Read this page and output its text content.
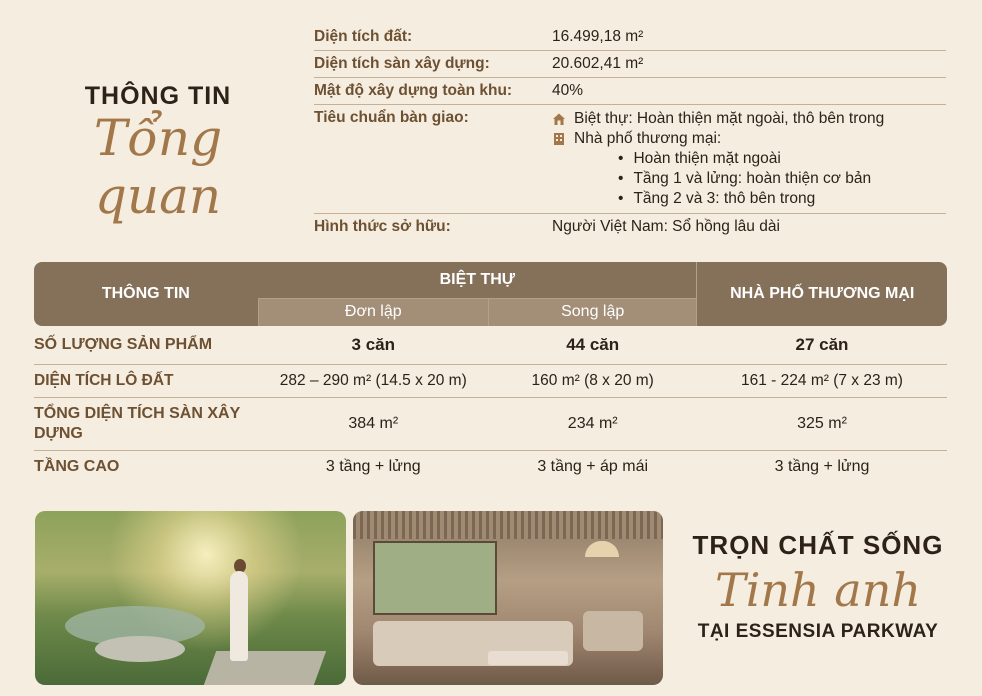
THÔNG TIN
Tổng quan
Diện tích đất:	16.499,18 m²
Diện tích sàn xây dựng:	20.602,41 m²
Mật độ xây dựng toàn khu:	40%
Tiêu chuẩn bàn giao:	Biệt thự: Hoàn thiện mặt ngoài, thô bên trong
Nhà phố thương mại:
• Hoàn thiện mặt ngoài
• Tầng 1 và lửng: hoàn thiện cơ bản
• Tầng 2 và 3: thô bên trong
Hình thức sở hữu:	Người Việt Nam: Sổ hồng lâu dài
THÔNG TIN	BIỆT THỰ		NHÀ PHỐ THƯƠNG MẠI
	Đơn lập	Song lập	
SỐ LƯỢNG SẢN PHẨM	3 căn	44 căn	27 căn
DIỆN TÍCH LÔ ĐẤT	282 – 290 m² (14.5 x 20 m)	160 m² (8 x 20 m)	161 - 224 m² (7 x 23 m)
TỔNG DIỆN TÍCH SÀN XÂY DỰNG	384 m²	234 m²	325 m²
TẦNG CAO	3 tầng + lửng	3 tầng + áp mái	3 tầng + lửng
TRỌN CHẤT SỐNG
Tinh anh
TẠI ESSENSIA PARKWAY
